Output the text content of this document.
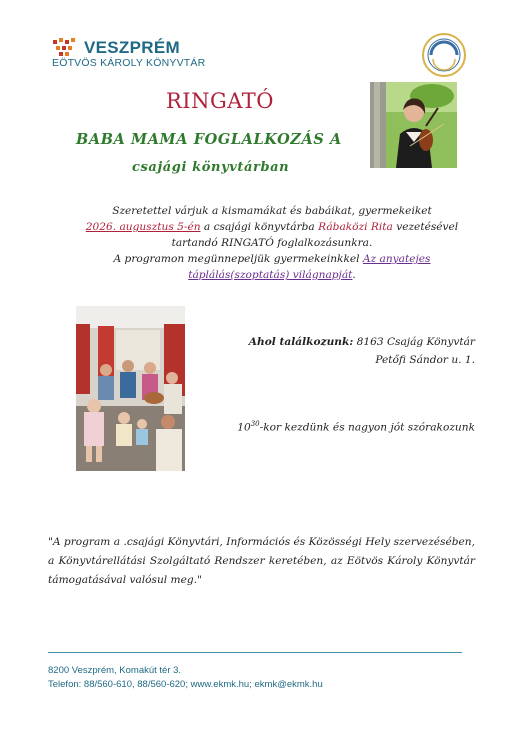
VESZPRÉM
EÖTVÖS KÁROLY KÖNYVTÁR
RINGATÓ
BABA MAMA FOGLALKOZÁS A
csajági könyvtárban
Szeretettel várjuk a kismamákat és babáikat, gyermekeiket
2026. augusztus 5-én a csajági könyvtárba Rábaközi Rita vezetésével
tartandó RINGATÓ foglalkozásunkra.
A programon megünnepeljük gyermekeinkkel Az anyatejes
táplálás(szoptatás) világnapját.
Ahol találkozunk: 8163 Csajág Könyvtár
Petőfi Sándor u. 1.
$10^{30}$-kor kezdünk és nagyon jót szórakozunk
"A program a .csajági Könyvtári, Információs és Közösségi Hely szervezésében, a Könyvtárellátási Szolgáltató Rendszer keretében, az Eötvös Károly Könyvtár támogatásával valósul meg."
8200 Veszprém, Komakút tér 3.
Telefon: 88/560-610, 88/560-620; www.ekmk.hu; ekmk@ekmk.hu
